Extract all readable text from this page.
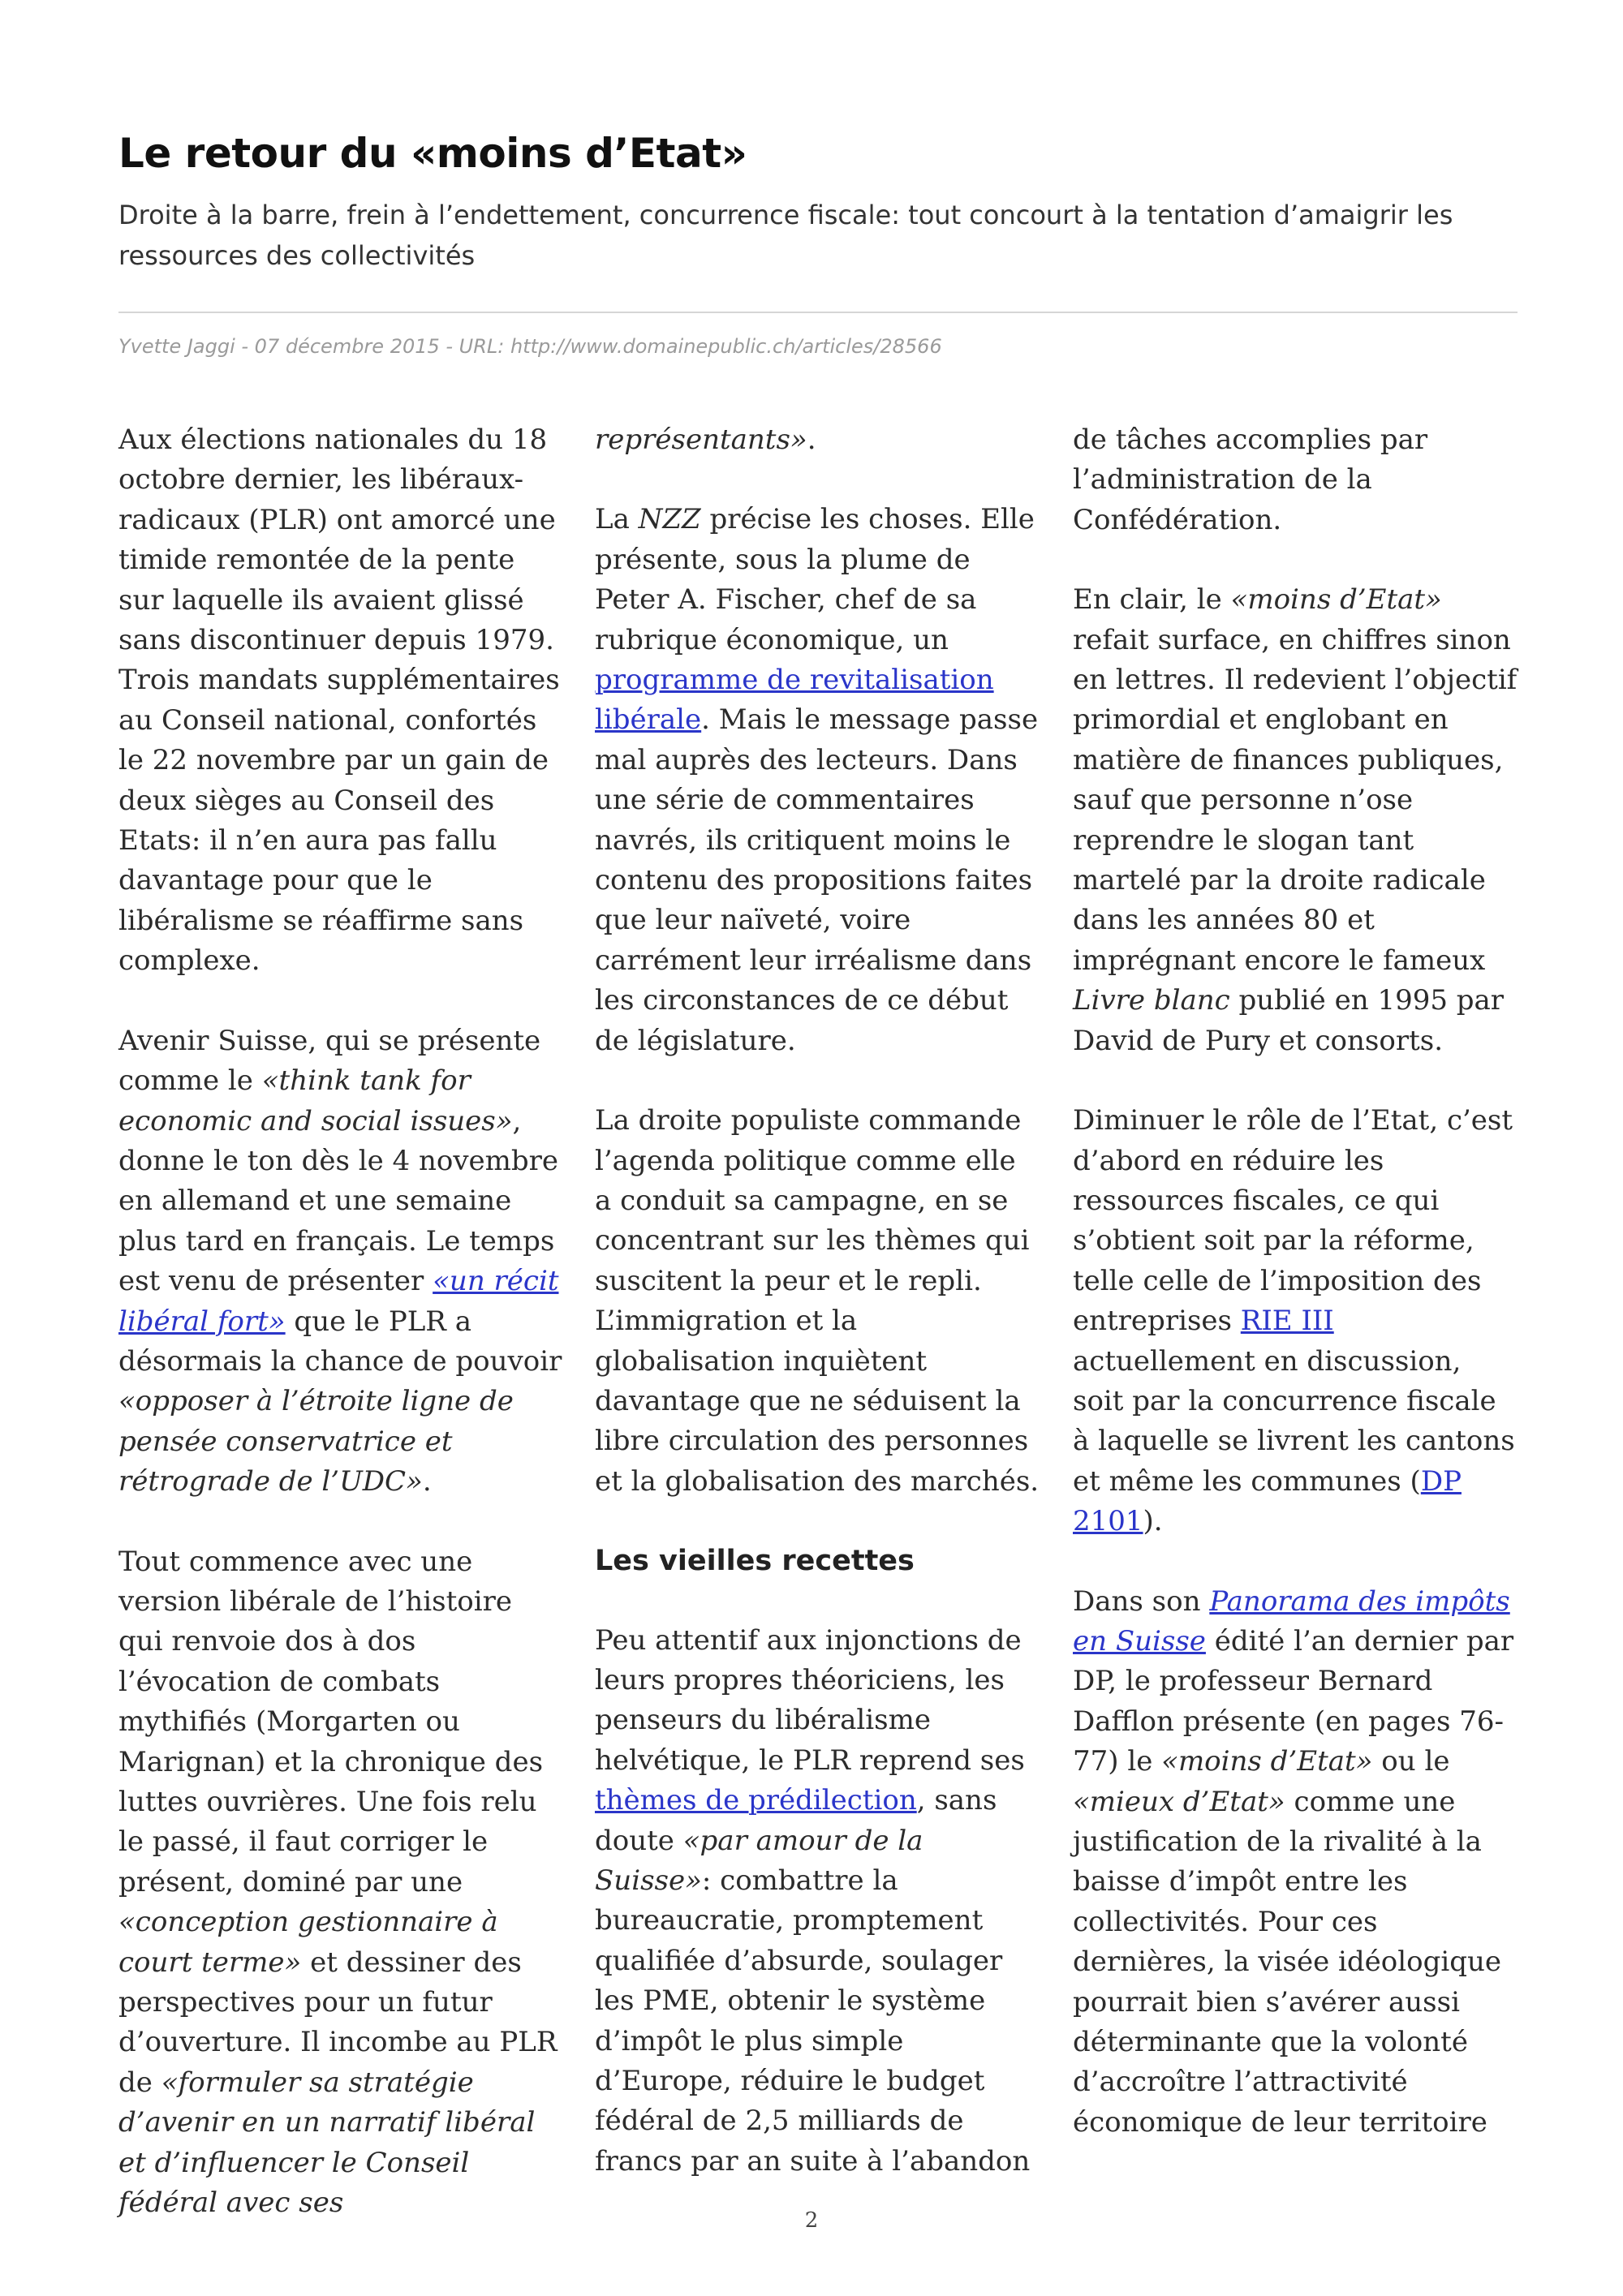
Le retour du «moins d’Etat»

Droite à la barre, frein à l’endettement, concurrence fiscale: tout concourt à la tentation d’amaigrir les ressources des collectivités

Yvette Jaggi - 07 décembre 2015 - URL: http://www.domainepublic.ch/articles/28566

Aux élections nationales du 18 octobre dernier, les libéraux-radicaux (PLR) ont amorcé une timide remontée de la pente sur laquelle ils avaient glissé sans discontinuer depuis 1979. Trois mandats supplémentaires au Conseil national, confortés le 22 novembre par un gain de deux sièges au Conseil des Etats: il n’en aura pas fallu davantage pour que le libéralisme se réaffirme sans complexe.

Avenir Suisse, qui se présente comme le «think tank for economic and social issues», donne le ton dès le 4 novembre en allemand et une semaine plus tard en français. Le temps est venu de présenter «un récit libéral fort» que le PLR a désormais la chance de pouvoir «opposer à l’étroite ligne de pensée conservatrice et rétrograde de l’UDC».

Tout commence avec une version libérale de l’histoire qui renvoie dos à dos l’évocation de combats mythifiés (Morgarten ou Marignan) et la chronique des luttes ouvrières. Une fois relu le passé, il faut corriger le présent, dominé par une «conception gestionnaire à court terme» et dessiner des perspectives pour un futur d’ouverture. Il incombe au PLR de «formuler sa stratégie d’avenir en un narratif libéral et d’influencer le Conseil fédéral avec ses

représentants».

La NZZ précise les choses. Elle présente, sous la plume de Peter A. Fischer, chef de sa rubrique économique, un programme de revitalisation libérale. Mais le message passe mal auprès des lecteurs. Dans une série de commentaires navrés, ils critiquent moins le contenu des propositions faites que leur naïveté, voire carrément leur irréalisme dans les circonstances de ce début de législature.

La droite populiste commande l’agenda politique comme elle a conduit sa campagne, en se concentrant sur les thèmes qui suscitent la peur et le repli. L’immigration et la globalisation inquiètent davantage que ne séduisent la libre circulation des personnes et la globalisation des marchés.

Les vieilles recettes

Peu attentif aux injonctions de leurs propres théoriciens, les penseurs du libéralisme helvétique, le PLR reprend ses thèmes de prédilection, sans doute «par amour de la Suisse»: combattre la bureaucratie, promptement qualifiée d’absurde, soulager les PME, obtenir le système d’impôt le plus simple d’Europe, réduire le budget fédéral de 2,5 milliards de francs par an suite à l’abandon

de tâches accomplies par l’administration de la Confédération.

En clair, le «moins d’Etat» refait surface, en chiffres sinon en lettres. Il redevient l’objectif primordial et englobant en matière de finances publiques, sauf que personne n’ose reprendre le slogan tant martelé par la droite radicale dans les années 80 et imprégnant encore le fameux Livre blanc publié en 1995 par David de Pury et consorts.

Diminuer le rôle de l’Etat, c’est d’abord en réduire les ressources fiscales, ce qui s’obtient soit par la réforme, telle celle de l’imposition des entreprises RIE III actuellement en discussion, soit par la concurrence fiscale à laquelle se livrent les cantons et même les communes (DP 2101).

Dans son Panorama des impôts en Suisse édité l’an dernier par DP, le professeur Bernard Dafflon présente (en pages 76-77) le «moins d’Etat» ou le «mieux d’Etat» comme une justification de la rivalité à la baisse d’impôt entre les collectivités. Pour ces dernières, la visée idéologique pourrait bien s’avérer aussi déterminante que la volonté d’accroître l’attractivité économique de leur territoire

2
